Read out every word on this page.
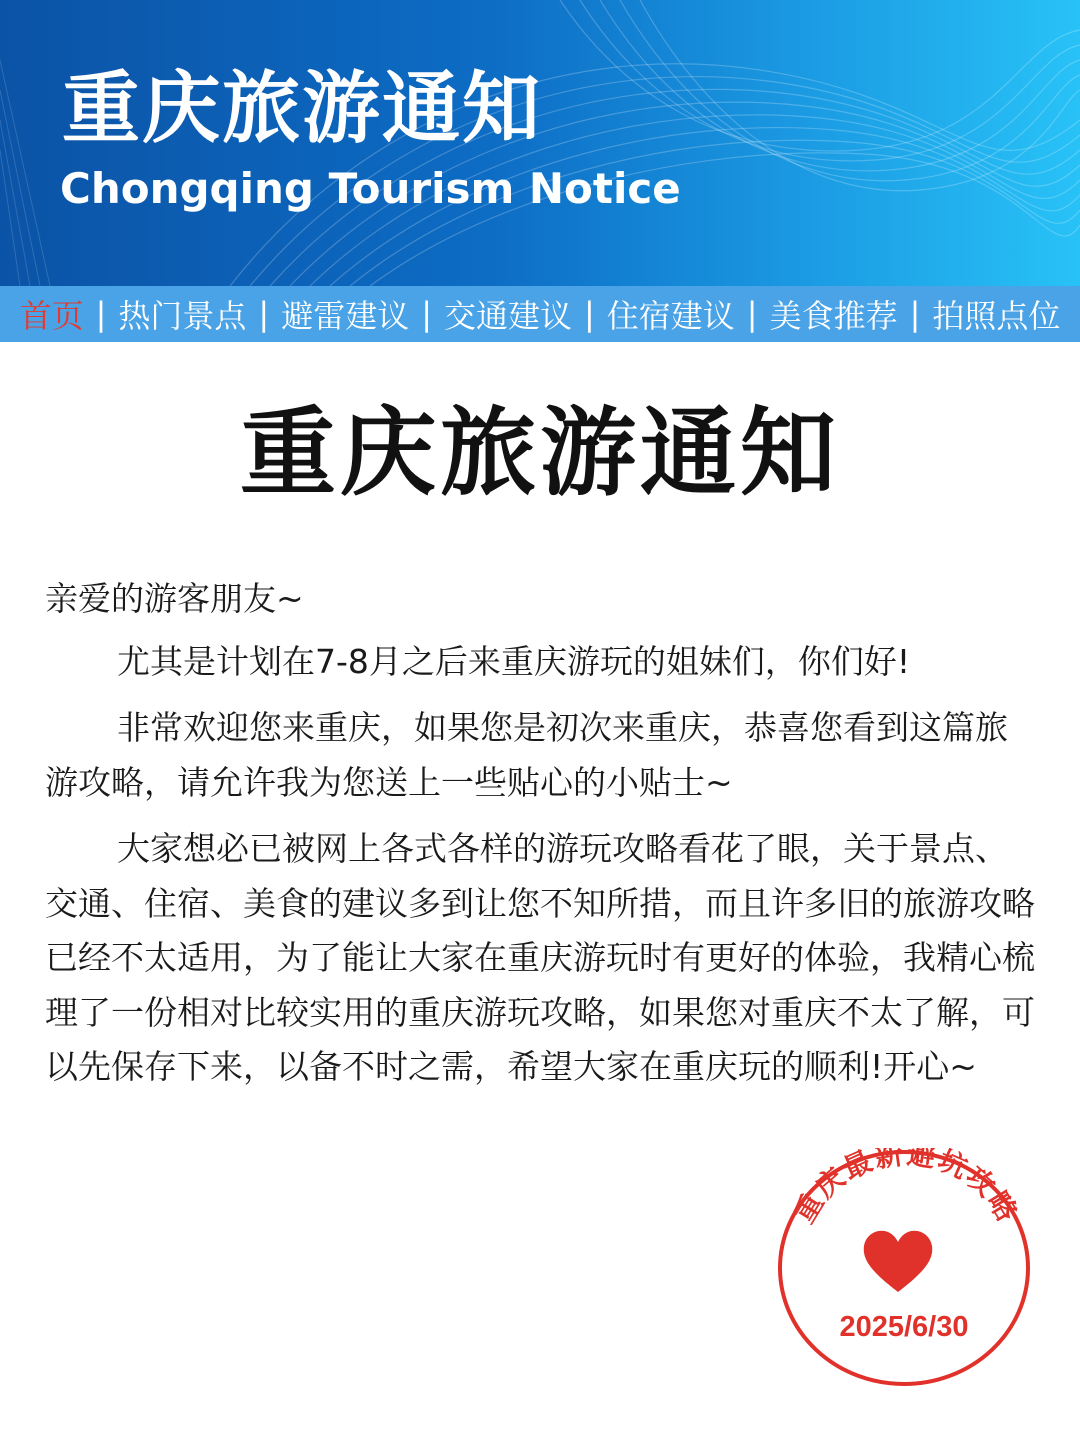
重庆旅游通知
Chongqing Tourism Notice
首页 | 热门景点 | 避雷建议 | 交通建议 | 住宿建议 | 美食推荐 | 拍照点位
重庆旅游通知

亲爱的游客朋友~

尤其是计划在7-8月之后来重庆游玩的姐妹们，你们好!

非常欢迎您来重庆，如果您是初次来重庆，恭喜您看到这篇旅游攻略，请允许我为您送上一些贴心的小贴士~

大家想必已被网上各式各样的游玩攻略看花了眼，关于景点、交通、住宿、美食的建议多到让您不知所措，而且许多旧的旅游攻略已经不太适用，为了能让大家在重庆游玩时有更好的体验，我精心梳理了一份相对比较实用的重庆游玩攻略，如果您对重庆不太了解，可以先保存下来，以备不时之需，希望大家在重庆玩的顺利!开心~

重庆最新避坑攻略
2025/6/30
